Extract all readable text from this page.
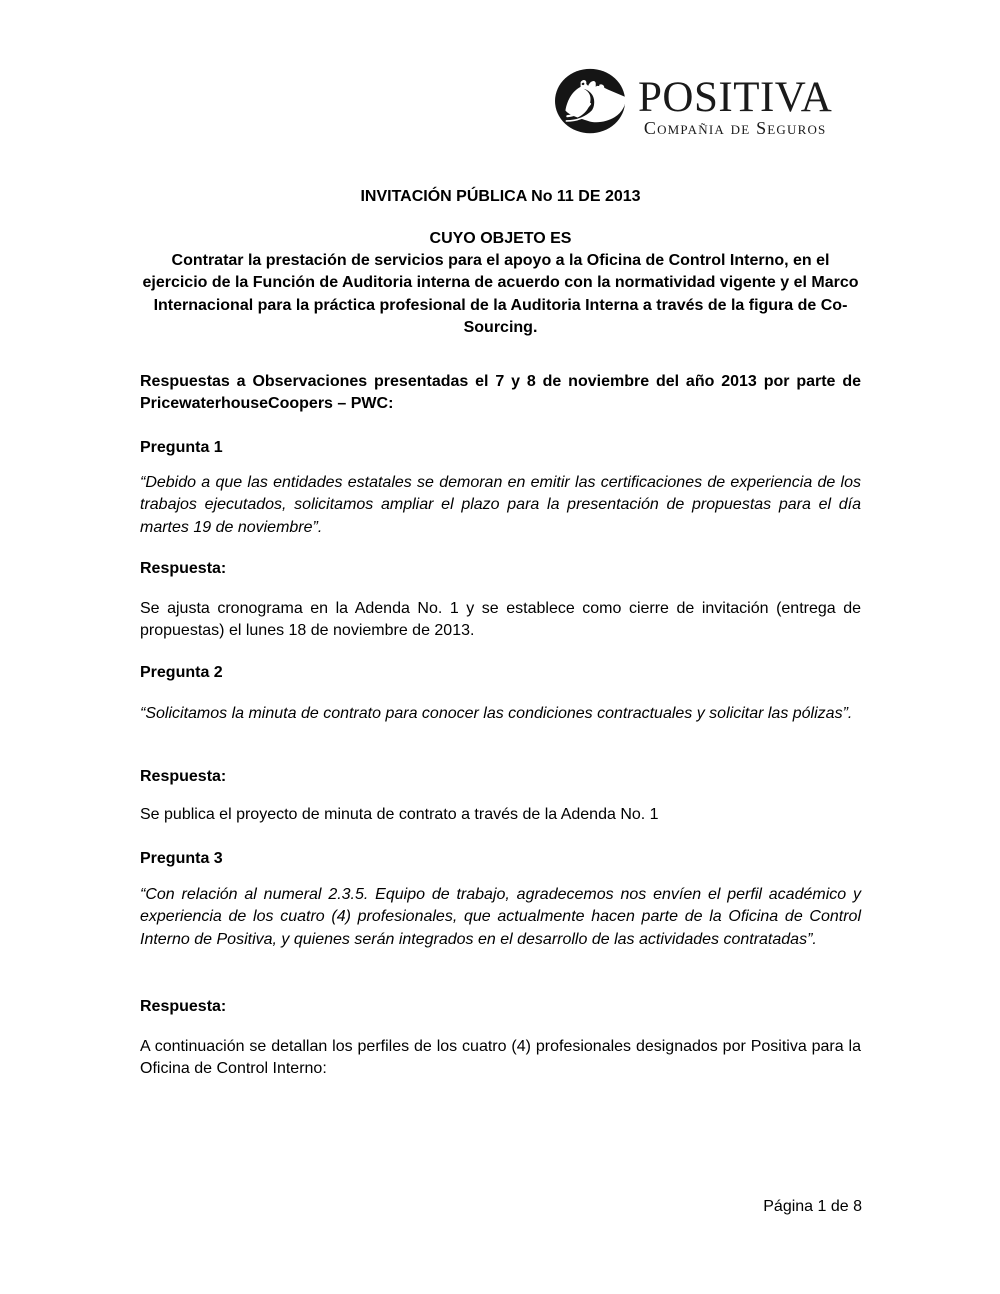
POSITIVA
Compañia de Seguros

INVITACIÓN PÚBLICA No 11 DE 2013

CUYO OBJETO ES

Contratar la prestación de servicios para el apoyo a la Oficina de Control Interno, en el ejercicio de la Función de Auditoria interna de acuerdo con la normatividad vigente y el Marco Internacional para la práctica profesional de la Auditoria Interna a través de la figura de Co-Sourcing.

Respuestas a Observaciones presentadas el 7 y 8 de noviembre del año 2013 por parte de PricewaterhouseCoopers – PWC:

Pregunta 1

“Debido a que las entidades estatales se demoran en emitir las certificaciones de experiencia de los trabajos ejecutados, solicitamos ampliar el plazo para la presentación de propuestas para el día martes 19 de noviembre”.

Respuesta:

Se ajusta cronograma en la Adenda No. 1 y se establece como cierre de invitación (entrega de propuestas) el lunes 18 de noviembre de 2013.

Pregunta 2

“Solicitamos la minuta de contrato para conocer las condiciones contractuales y solicitar las pólizas”.

Respuesta:

Se publica el proyecto de minuta de contrato a través de la Adenda No. 1

Pregunta 3

“Con relación al numeral 2.3.5. Equipo de trabajo, agradecemos nos envíen el perfil académico y experiencia de los cuatro (4) profesionales, que actualmente hacen parte de la Oficina de Control Interno de Positiva, y quienes serán integrados en el desarrollo de las actividades contratadas”.

Respuesta:

A continuación se detallan los perfiles de los cuatro (4) profesionales designados por Positiva para la Oficina de Control Interno:

Página 1 de 8
